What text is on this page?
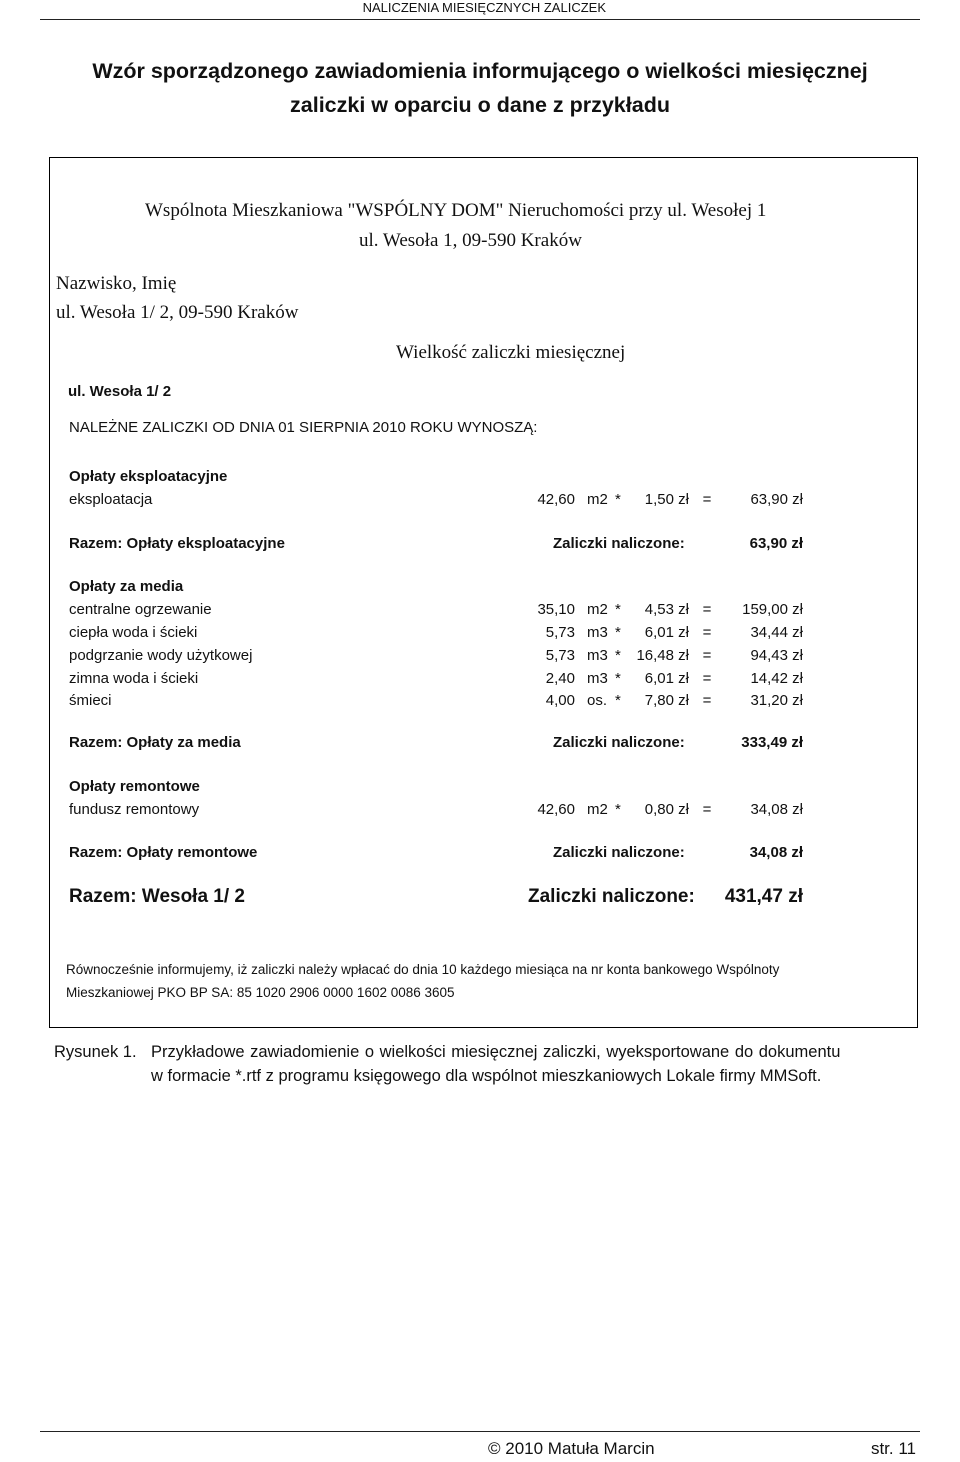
NALICZENIA MIESIĘCZNYCH ZALICZEK
Wzór sporządzonego zawiadomienia informującego o wielkości miesięcznej
zaliczki w oparciu o dane z przykładu
Wspólnota Mieszkaniowa "WSPÓLNY DOM" Nieruchomości przy ul. Wesołej 1
ul. Wesoła 1, 09-590 Kraków
Nazwisko, Imię
ul. Wesoła 1/ 2, 09-590 Kraków
Wielkość zaliczki miesięcznej
ul. Wesoła 1/ 2
NALEŻNE ZALICZKI OD DNIA 01 SIERPNIA 2010 ROKU WYNOSZĄ:
Opłaty eksploatacyjne
eksploatacja	42,60 m2 *	1,50 zł =	63,90 zł
Razem: Opłaty eksploatacyjne	Zaliczki naliczone:	63,90 zł
Opłaty za media
centralne ogrzewanie	35,10 m2 *	4,53 zł =	159,00 zł
ciepła woda i ścieki	5,73 m3 *	6,01 zł =	34,44 zł
podgrzanie wody użytkowej	5,73 m3 *	16,48 zł =	94,43 zł
zimna woda i ścieki	2,40 m3 *	6,01 zł =	14,42 zł
śmieci	4,00 os. *	7,80 zł =	31,20 zł
Razem: Opłaty za media	Zaliczki naliczone:	333,49 zł
Opłaty remontowe
fundusz remontowy	42,60 m2 *	0,80 zł =	34,08 zł
Razem: Opłaty remontowe	Zaliczki naliczone:	34,08 zł
Razem: Wesoła 1/ 2	Zaliczki naliczone:	431,47 zł
Równocześnie informujemy, iż zaliczki należy wpłacać do dnia 10 każdego miesiąca na nr konta bankowego Wspólnoty
Mieszkaniowej PKO BP SA: 85 1020 2906 0000 1602 0086 3605
Rysunek 1. Przykładowe zawiadomienie o wielkości miesięcznej zaliczki, wyeksportowane do dokumentu
w formacie *.rtf z programu księgowego dla wspólnot mieszkaniowych Lokale firmy MMSoft.
© 2010 Matuła Marcin	str. 11
